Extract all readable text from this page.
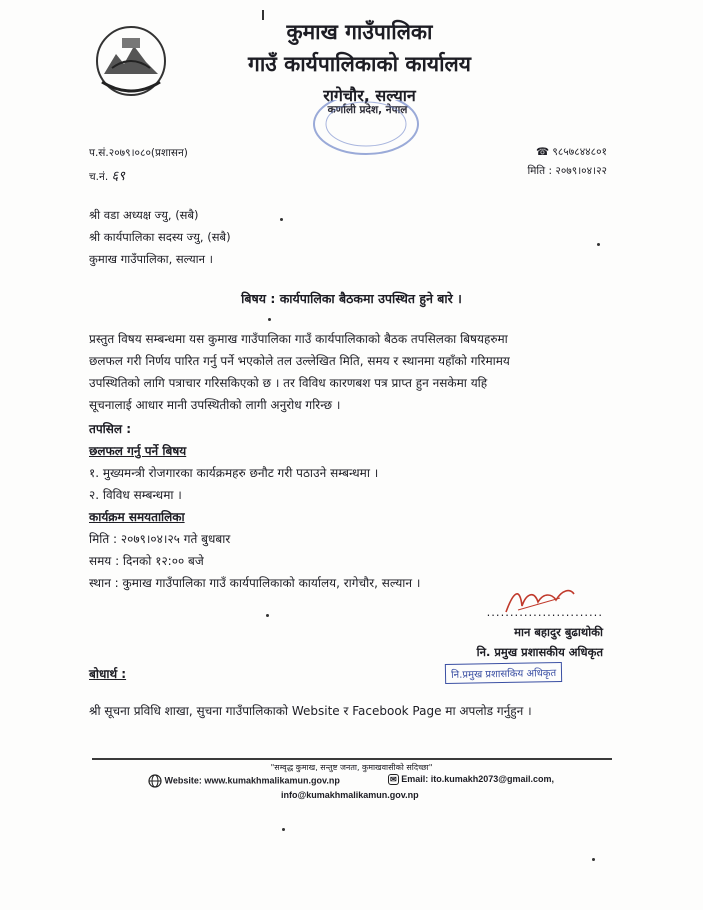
कुमाख गाउँपालिका
गाउँ कार्यपालिकाको कार्यालय
रागेचौर, सल्यान
कर्णाली प्रदेश, नेपाल
प.सं.२०७९।०८०(प्रशासन)
च.नं. ६९
☎ ९८५७८४४८०१
मिति : २०७९।०४।२२
श्री वडा अध्यक्ष ज्यु, (सबै)
श्री कार्यपालिका सदस्य ज्यु, (सबै)
कुमाख गाउँपालिका, सल्यान ।
बिषय : कार्यपालिका बैठकमा उपस्थित हुने बारे ।
प्रस्तुत विषय सम्बन्धमा यस कुमाख गाउँपालिका गाउँ कार्यपालिकाको बैठक तपसिलका बिषयहरुमा
छलफल गरी निर्णय पारित गर्नु पर्ने भएकोले तल उल्लेखित मिति, समय र स्थानमा यहाँको गरिमामय
उपस्थितिको लागि पत्राचार गरिसकिएको छ । तर विविध कारणबश पत्र प्राप्त हुन नसकेमा यहि
सूचनालाई आधार मानी उपस्थितीको लागी अनुरोध गरिन्छ ।
तपसिल :
छलफल गर्नु पर्ने बिषय
१. मुख्यमन्त्री रोजगारका कार्यक्रमहरु छनौट गरी पठाउने सम्बन्धमा ।
२. विविध सम्बन्धमा ।
कार्यक्रम समयतालिका
मिति : २०७९।०४।२५ गते बुधबार
समय : दिनको १२:०० बजे
स्थान : कुमाख गाउँपालिका गाउँ कार्यपालिकाको कार्यालय, रागेचौर, सल्यान ।
.........................
मान बहादुर बुढाथोकी
नि. प्रमुख प्रशासकीय अधिकृत
नि.प्रमुख प्रशासकिय अधिकृत
बोधार्थ :
श्री सूचना प्रविधि शाखा, सुचना गाउँपालिकाको Website र Facebook Page मा अपलोड गर्नुहुन ।
"सम्वृद्ध कुमाख, सन्तुष्ट जनता, कुमाखवासीको सदिच्छा"
Website: www.kumakhmalikamun.gov.np	✉ Email: ito.kumakh2073@gmail.com,
info@kumakhmalikamun.gov.np
